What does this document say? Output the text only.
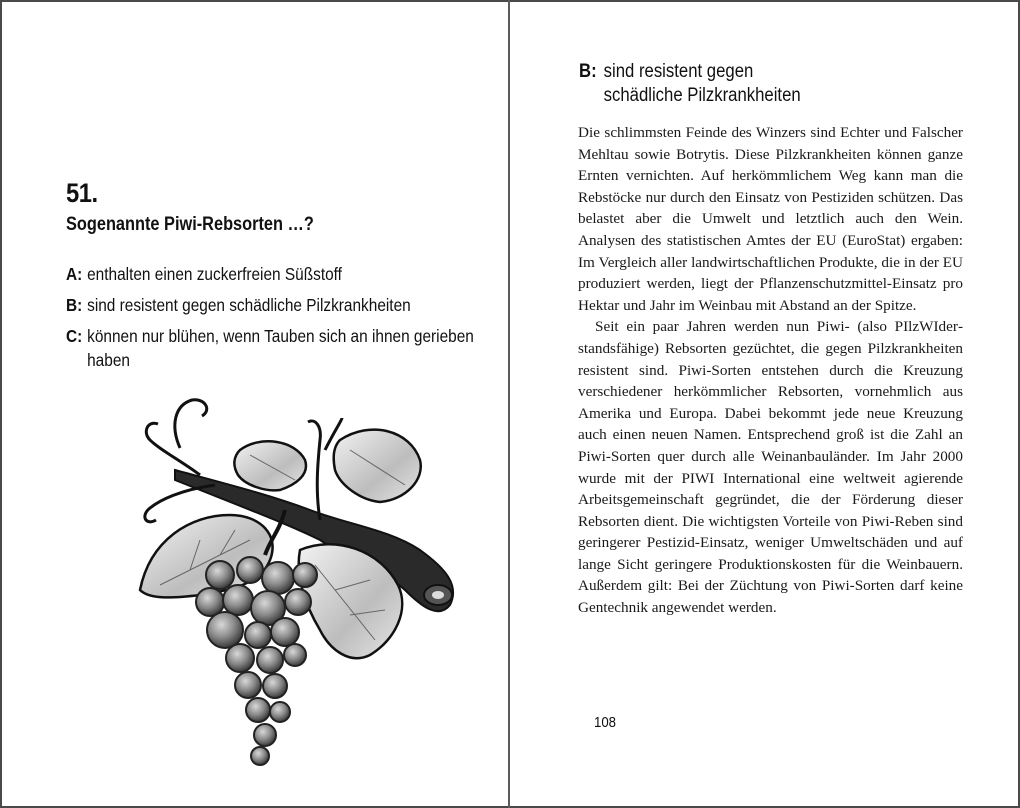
51.
Sogenannte Piwi-Rebsorten …?
A: enthalten einen zuckerfreien Süßstoff
B: sind resistent gegen schädliche Pilzkrankheiten
C: können nur blühen, wenn Tauben sich an ihnen gerieben haben
B: sind resistent gegen
schädliche Pilzkrankheiten

Die schlimmsten Feinde des Winzers sind Echter und Falscher Mehltau sowie Botrytis. Diese Pilzkrankheiten können ganze Ernten vernichten. Auf herkömmlichem Weg kann man die Rebstöcke nur durch den Einsatz von Pestiziden schützen. Das belastet aber die Umwelt und letztlich auch den Wein. Analysen des statistischen Amtes der EU (EuroStat) ergaben: Im Vergleich aller landwirtschaftlichen Produkte, die in der EU produziert werden, liegt der Pflanzenschutzmittel-Einsatz pro Hektar und Jahr im Weinbau mit Abstand an der Spitze.

Seit ein paar Jahren werden nun Piwi- (also PIlzWIderstandsfähige) Rebsorten gezüchtet, die gegen Pilzkrankheiten resistent sind. Piwi-Sorten entstehen durch die Kreuzung verschiedener herkömmlicher Rebsorten, vornehmlich aus Amerika und Europa. Dabei bekommt jede neue Kreuzung auch einen neuen Namen. Entsprechend groß ist die Zahl an Piwi-Sorten quer durch alle Weinanbauländer. Im Jahr 2000 wurde mit der PIWI International eine weltweit agierende Arbeitsgemeinschaft gegründet, die der Förderung dieser Rebsorten dient. Die wichtigsten Vorteile von Piwi-Reben sind geringerer Pestizid-Einsatz, weniger Umweltschäden und auf lange Sicht geringere Produktionskosten für die Weinbauern. Außerdem gilt: Bei der Züchtung von Piwi-Sorten darf keine Gentechnik angewendet werden.

108
